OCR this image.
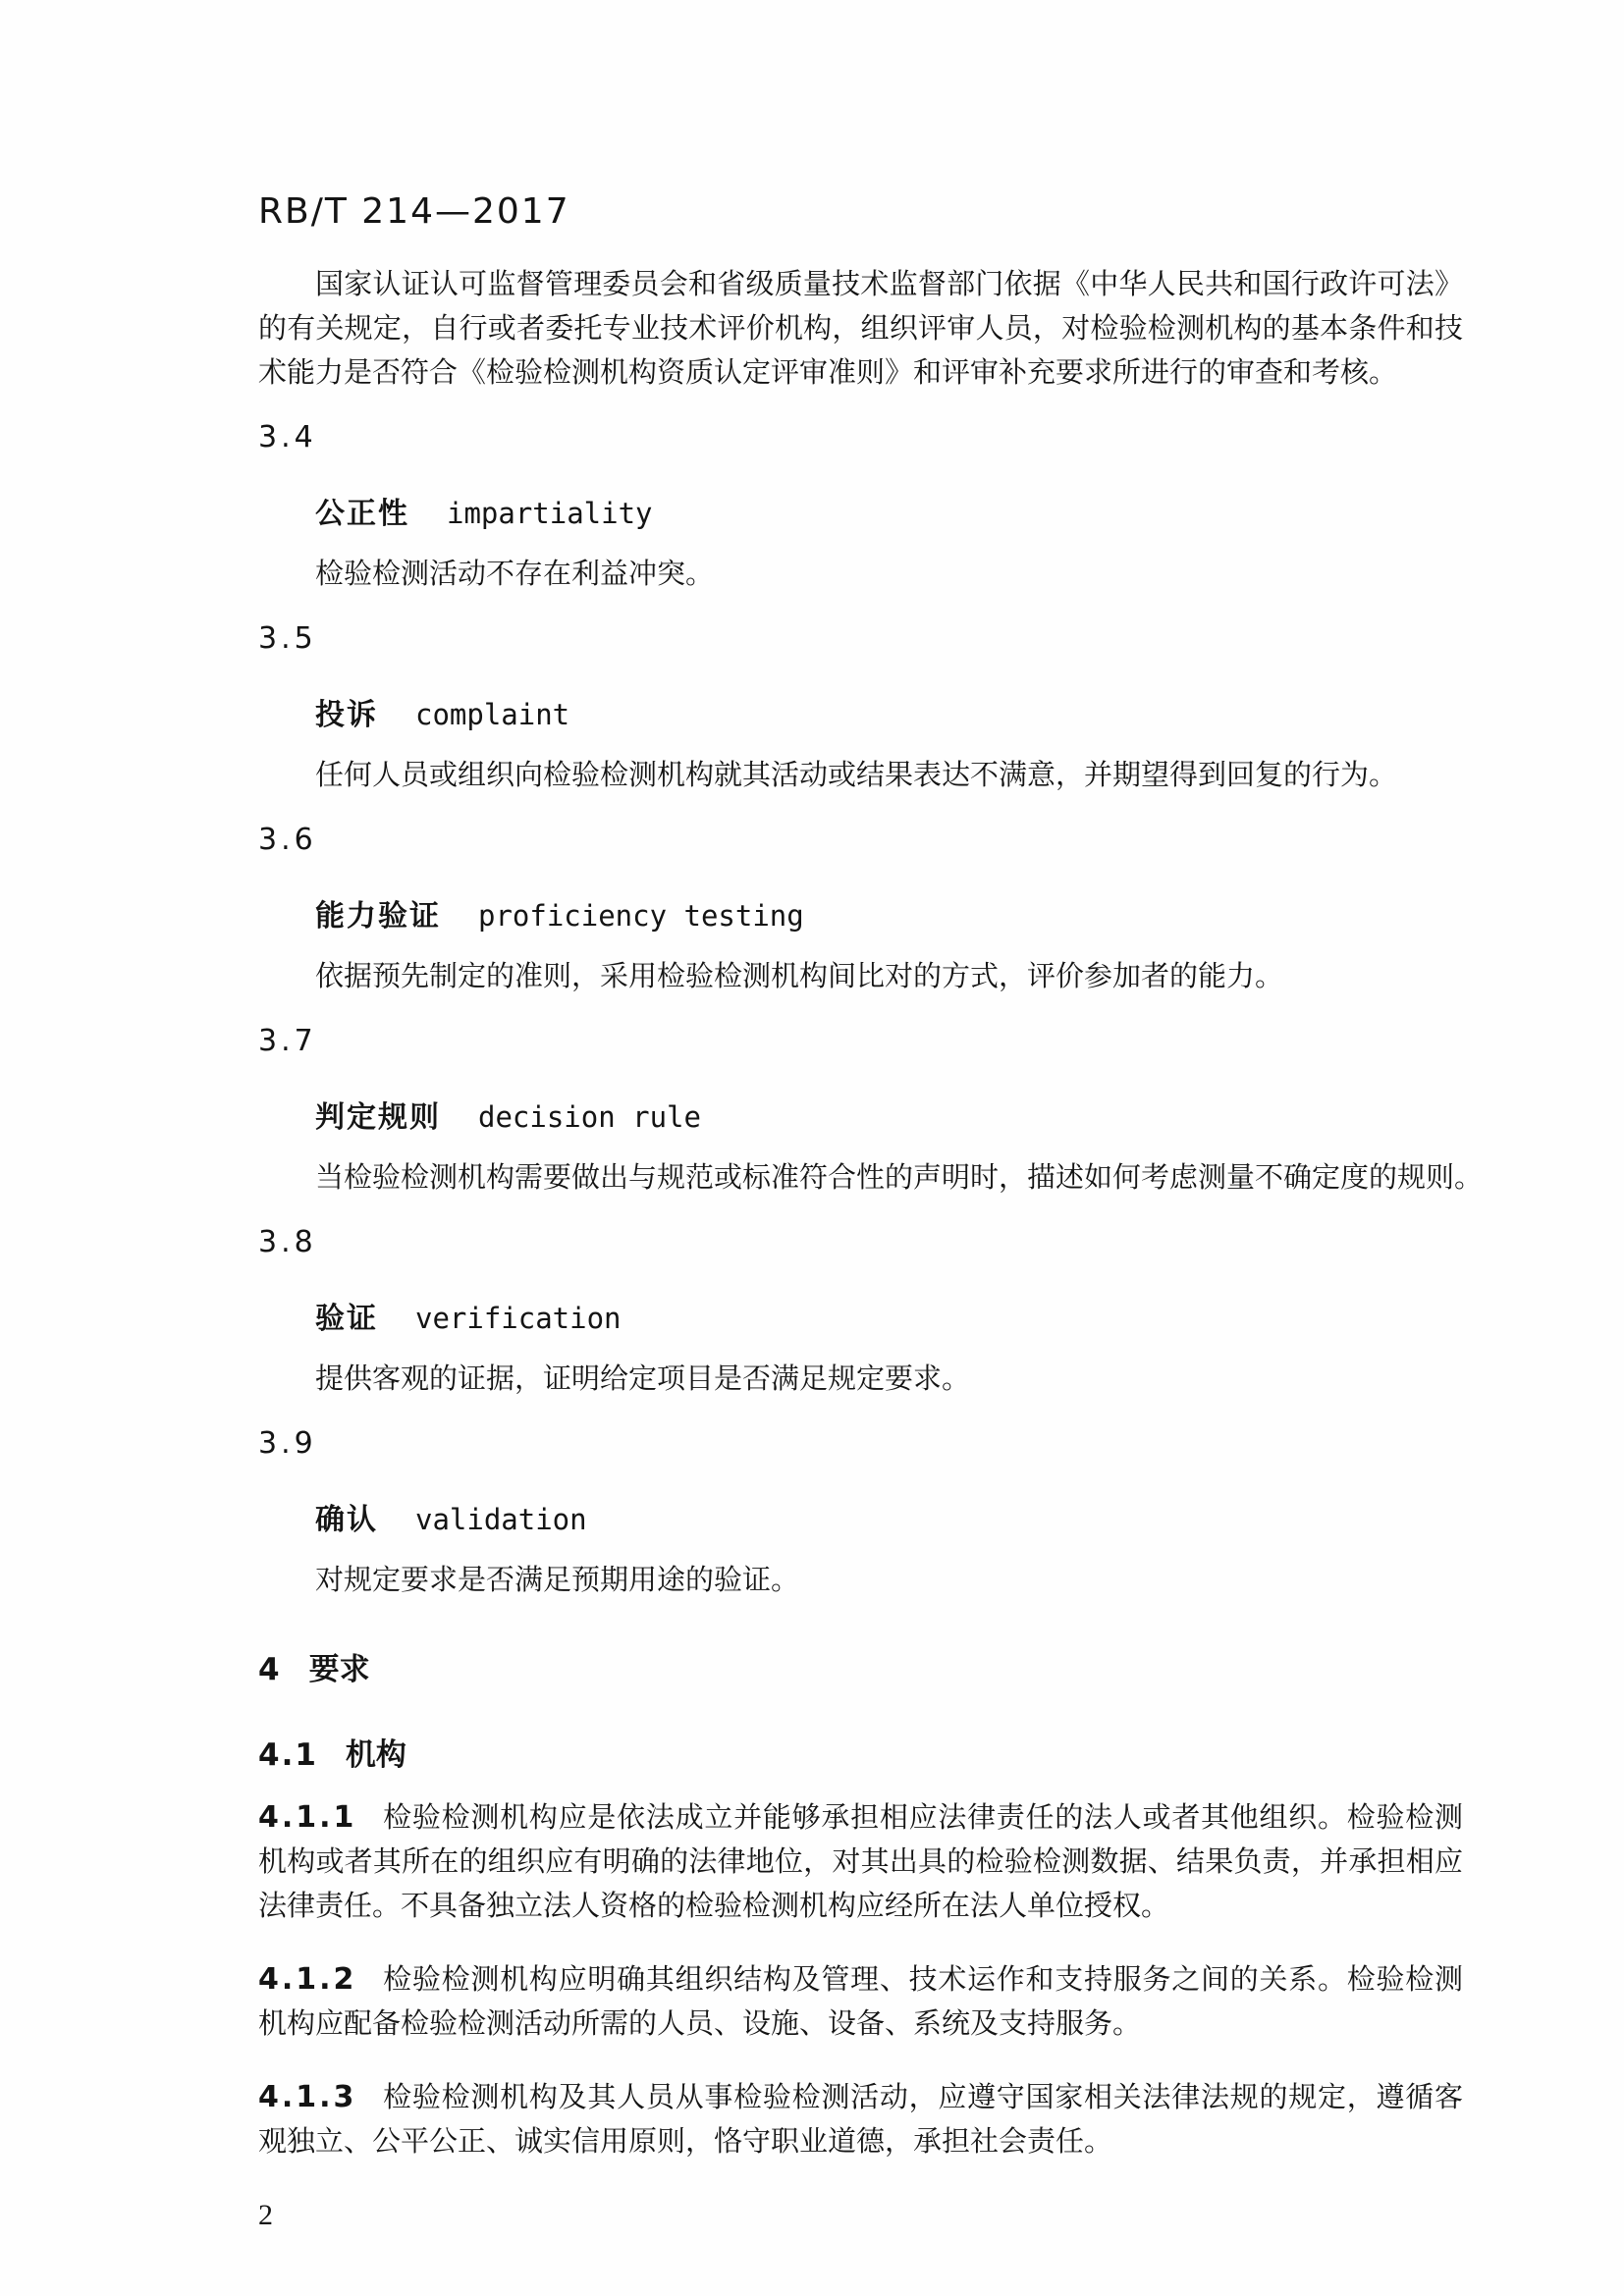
RB/T 214—2017

国家认证认可监督管理委员会和省级质量技术监督部门依据《中华人民共和国行政许可法》的有关规定，自行或者委托专业技术评价机构，组织评审人员，对检验检测机构的基本条件和技术能力是否符合《检验检测机构资质认定评审准则》和评审补充要求所进行的审查和考核。

3.4
公正性 impartiality
检验检测活动不存在利益冲突。
3.5
投诉 complaint
任何人员或组织向检验检测机构就其活动或结果表达不满意，并期望得到回复的行为。
3.6
能力验证 proficiency testing
依据预先制定的准则，采用检验检测机构间比对的方式，评价参加者的能力。
3.7
判定规则 decision rule
当检验检测机构需要做出与规范或标准符合性的声明时，描述如何考虑测量不确定度的规则。
3.8
验证 verification
提供客观的证据，证明给定项目是否满足规定要求。
3.9
确认 validation
对规定要求是否满足预期用途的验证。
4 要求
4.1 机构

4.1.1 检验检测机构应是依法成立并能够承担相应法律责任的法人或者其他组织。检验检测机构或者其所在的组织应有明确的法律地位，对其出具的检验检测数据、结果负责，并承担相应法律责任。不具备独立法人资格的检验检测机构应经所在法人单位授权。

4.1.2 检验检测机构应明确其组织结构及管理、技术运作和支持服务之间的关系。检验检测机构应配备检验检测活动所需的人员、设施、设备、系统及支持服务。

4.1.3 检验检测机构及其人员从事检验检测活动，应遵守国家相关法律法规的规定，遵循客观独立、公平公正、诚实信用原则，恪守职业道德，承担社会责任。

2
